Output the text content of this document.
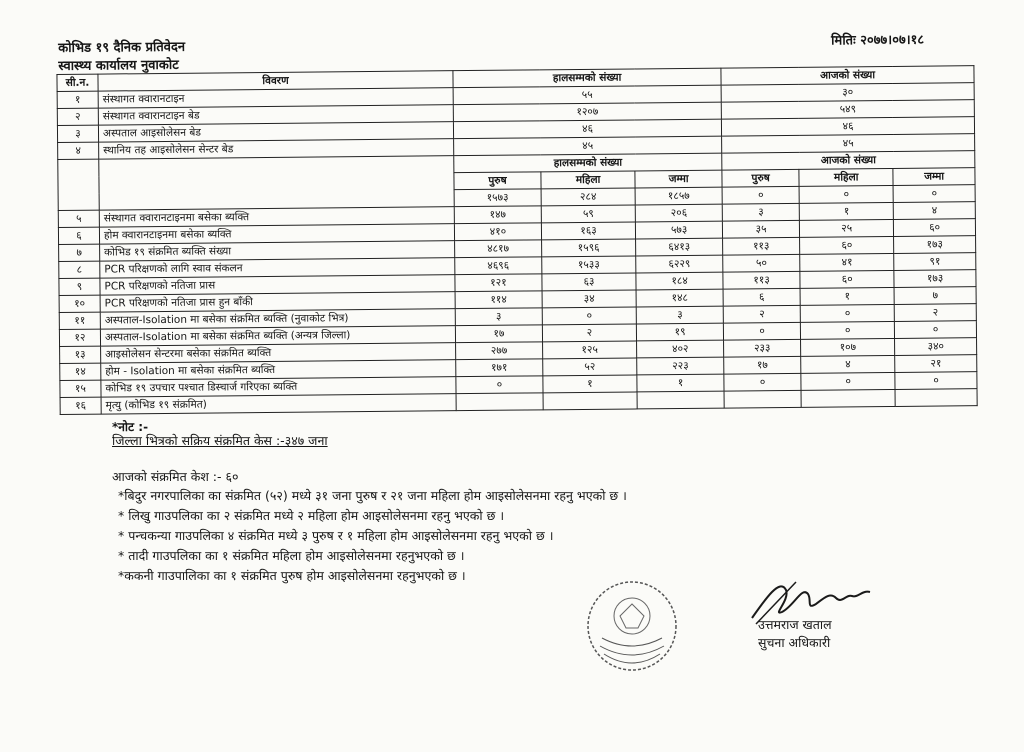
कोभिड १९ दैनिक प्रतिवेदन
स्वास्थ्य कार्यालय नुवाकोट
मितिः २०७७।०७।१८
सी.न.	विवरण	हालसम्मको संख्या			आजको संख्या		
१	संस्थागत क्वारानटाइन	५५			३०		
२	संस्थागत क्वारानटाइन बेड	१२०७			५४९		
३	अस्पताल आइसोलेसन बेड	४६			४६		
४	स्थानिय तह आइसोलेसन सेन्टर बेड	४५			४५		
		हालसम्मको संख्या			आजको संख्या		
		पुरुष	महिला	जम्मा	पुरुष	महिला	जम्मा
		१५७३	२८४	१८५७	०	०	०
५	संस्थागत क्वारानटाइनमा बसेका ब्यक्ति	१४७	५९	२०६	३	१	४
६	होम क्वारानटाइनमा बसेका ब्यक्ति	४१०	१६३	५७३	३५	२५	६०
७	कोभिड १९ संक्रमित ब्यक्ति संख्या	४८१७	१५९६	६४१३	११३	६०	१७३
८	PCR परिक्षणको लागि स्वाव संकलन	४६९६	१५३३	६२२९	५०	४१	९१
९	PCR परिक्षणको नतिजा प्रास	१२१	६३	१८४	११३	६०	१७३
१०	PCR परिक्षणको नतिजा प्रास हुन बाँकी	११४	३४	१४८	६	१	७
११	अस्पताल-Isolation मा बसेका संक्रमित ब्यक्ति (नुवाकोट भित्र)	३	०	३	२	०	२
१२	अस्पताल-Isolation मा बसेका संक्रमित ब्यक्ति (अन्यत्र जिल्ला)	१७	२	१९	०	०	०
१३	आइसोलेसन सेन्टरमा बसेका संक्रमित ब्यक्ति	२७७	१२५	४०२	२३३	१०७	३४०
१४	होम - Isolation मा बसेका संक्रमित ब्यक्ति	१७१	५२	२२३	१७	४	२१
१५	कोभिड १९ उपचार पश्चात डिस्चार्ज गरिएका ब्यक्ति	०	१	१	०	०	०
१६	मृत्यु (कोभिड १९ संक्रमित)						
*नोट :-
जिल्ला भित्रको सक्रिय संक्रमित केस :-३४७ जना
आजको संक्रमित केश :- ६०
*बिदुर नगरपालिका का संक्रमित (५२) मध्ये ३१ जना पुरुष र २१ जना महिला होम आइसोलेसनमा रहनु भएको छ ।
* लिखु गाउपलिका का २ संक्रमित मध्ये २ महिला होम आइसोलेसनमा रहनु भएको छ ।
* पन्चकन्या गाउपलिका ४ संक्रमित मध्ये ३ पुरुष र १ महिला होम आइसोलेसनमा रहनु भएको छ ।
* तादी गाउपलिका का १ संक्रमित महिला होम आइसोलेसनमा रहनुभएको छ ।
*ककनी गाउपालिका का १ संक्रमित पुरुष होम आइसोलेसनमा रहनुभएको छ ।
उत्तमराज खताल
सुचना अधिकारी
